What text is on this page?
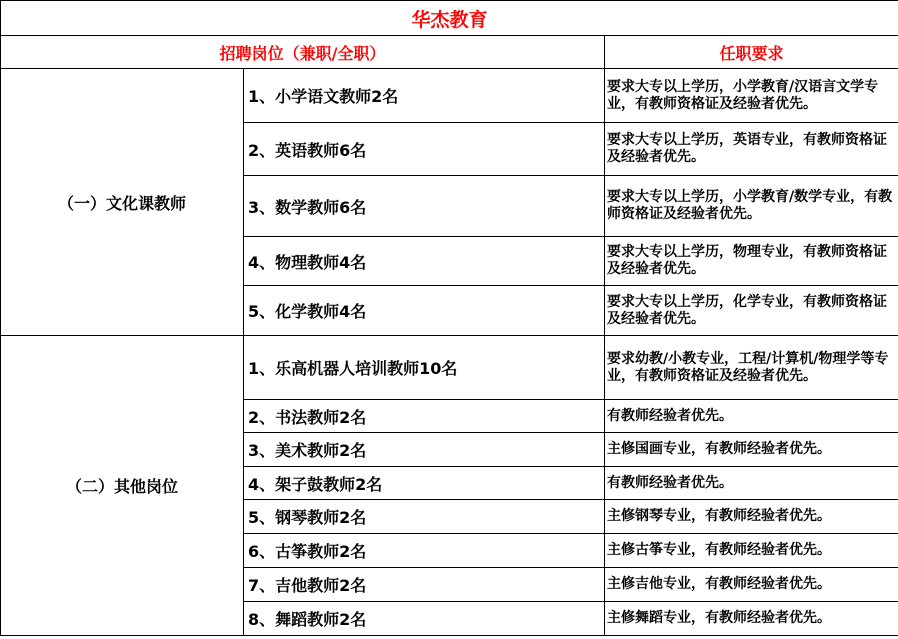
华杰教育		
招聘岗位（兼职/全职）		任职要求
（一）文化课教师	1、小学语文教师2名	要求大专以上学历，小学教育/汉语言文学专业，有教师资格证及经验者优先。
	2、英语教师6名	要求大专以上学历，英语专业，有教师资格证及经验者优先。
	3、数学教师6名	要求大专以上学历，小学教育/数学专业，有教师资格证及经验者优先。
	4、物理教师4名	要求大专以上学历，物理专业，有教师资格证及经验者优先。
	5、化学教师4名	要求大专以上学历，化学专业，有教师资格证及经验者优先。
（二）其他岗位	1、乐高机器人培训教师10名	要求幼教/小教专业，工程/计算机/物理学等专业，有教师资格证及经验者优先。
	2、书法教师2名	有教师经验者优先。
	3、美术教师2名	主修国画专业，有教师经验者优先。
	4、架子鼓教师2名	有教师经验者优先。
	5、钢琴教师2名	主修钢琴专业，有教师经验者优先。
	6、古筝教师2名	主修古筝专业，有教师经验者优先。
	7、吉他教师2名	主修吉他专业，有教师经验者优先。
	8、舞蹈教师2名	主修舞蹈专业，有教师经验者优先。
